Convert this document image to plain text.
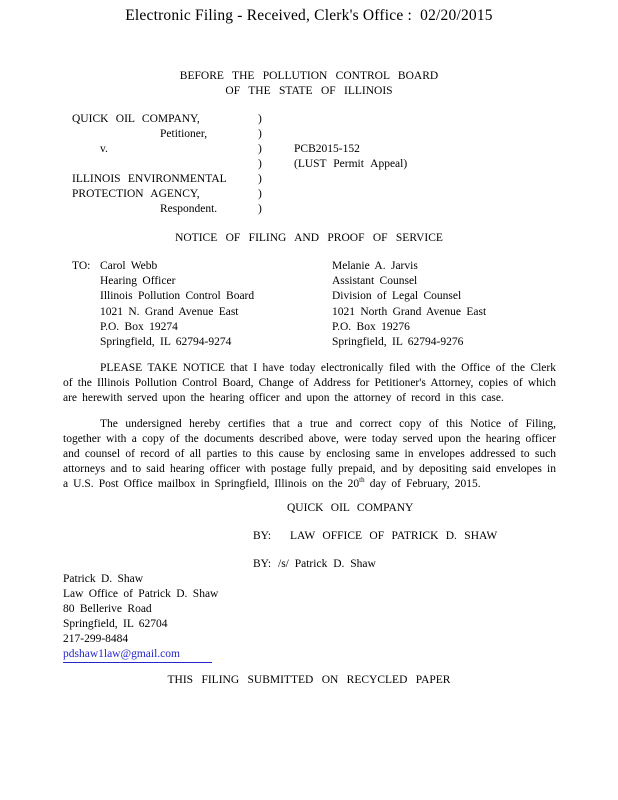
Electronic Filing - Received, Clerk's Office :  02/20/2015
BEFORE THE POLLUTION CONTROL BOARD
OF THE STATE OF ILLINOIS
QUICK OIL COMPANY,	)
Petitioner,	)
v.	)	PCB2015-152
)	(LUST Permit Appeal)
ILLINOIS ENVIRONMENTAL	)
PROTECTION AGENCY,	)
Respondent.	)
NOTICE OF FILING AND PROOF OF SERVICE
TO: Carol Webb
Hearing Officer
Illinois Pollution Control Board
1021 N. Grand Avenue East
P.O. Box 19274
Springfield, IL 62794-9274
Melanie A. Jarvis
Assistant Counsel
Division of Legal Counsel
1021 North Grand Avenue East
P.O. Box 19276
Springfield, IL 62794-9276

PLEASE TAKE NOTICE that I have today electronically filed with the Office of the Clerk of the Illinois Pollution Control Board, Change of Address for Petitioner's Attorney, copies of which are herewith served upon the hearing officer and upon the attorney of record in this case.

The undersigned hereby certifies that a true and correct copy of this Notice of Filing, together with a copy of the documents described above, were today served upon the hearing officer and counsel of record of all parties to this cause by enclosing same in envelopes addressed to such attorneys and to said hearing officer with postage fully prepaid, and by depositing said envelopes in a U.S. Post Office mailbox in Springfield, Illinois on the 20th day of February, 2015.

QUICK OIL COMPANY
BY: LAW OFFICE OF PATRICK D. SHAW
BY: /s/ Patrick D. Shaw
Patrick D. Shaw
Law Office of Patrick D. Shaw
80 Bellerive Road
Springfield, IL 62704
217-299-8484
pdshaw1law@gmail.com
THIS FILING SUBMITTED ON RECYCLED PAPER
